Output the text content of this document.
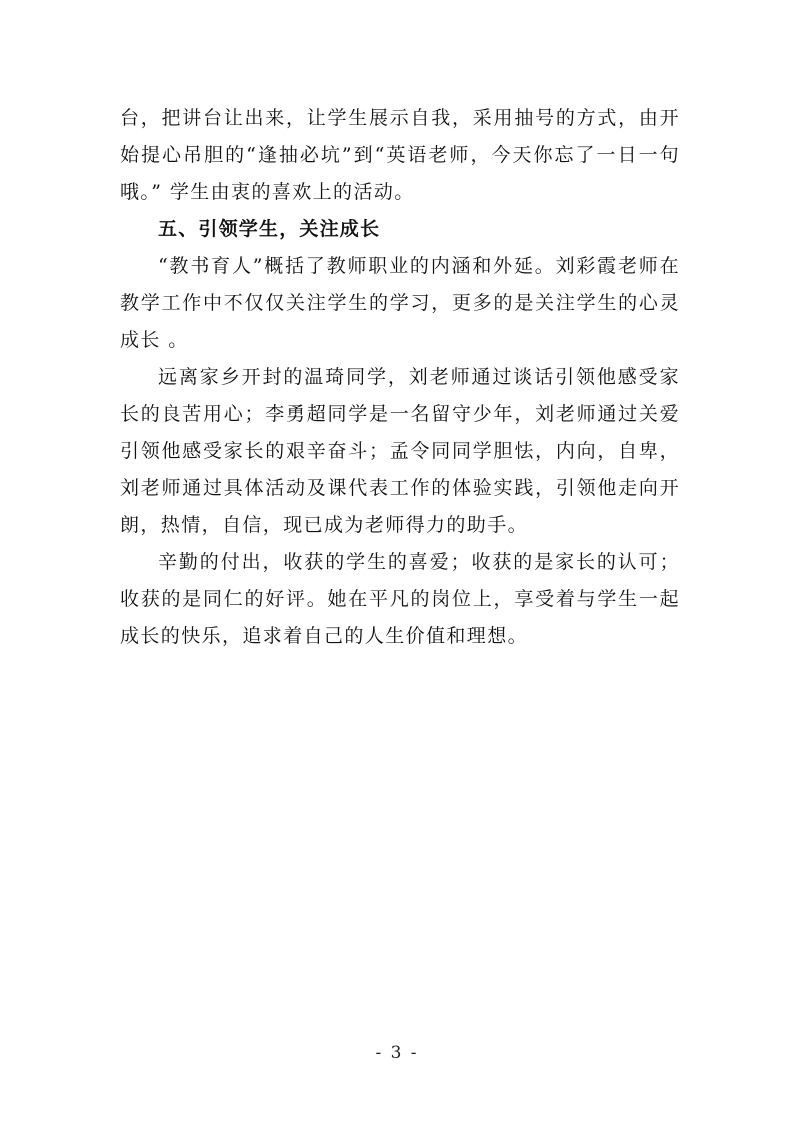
台，把讲台让出来，让学生展示自我，采用抽号的方式，由开始提心吊胆的“逢抽必坑”到“英语老师，今天你忘了一日一句哦。” 学生由衷的喜欢上的活动。

五、引领学生，关注成长

“教书育人”概括了教师职业的内涵和外延。刘彩霞老师在教学工作中不仅仅关注学生的学习，更多的是关注学生的心灵成长 。

远离家乡开封的温琦同学，刘老师通过谈话引领他感受家长的良苦用心；李勇超同学是一名留守少年，刘老师通过关爱引领他感受家长的艰辛奋斗；孟令同同学胆怯，内向，自卑，刘老师通过具体活动及课代表工作的体验实践，引领他走向开朗，热情，自信，现已成为老师得力的助手。

辛勤的付出，收获的学生的喜爱；收获的是家长的认可；收获的是同仁的好评。她在平凡的岗位上，享受着与学生一起成长的快乐，追求着自己的人生价值和理想。

- 3 -
